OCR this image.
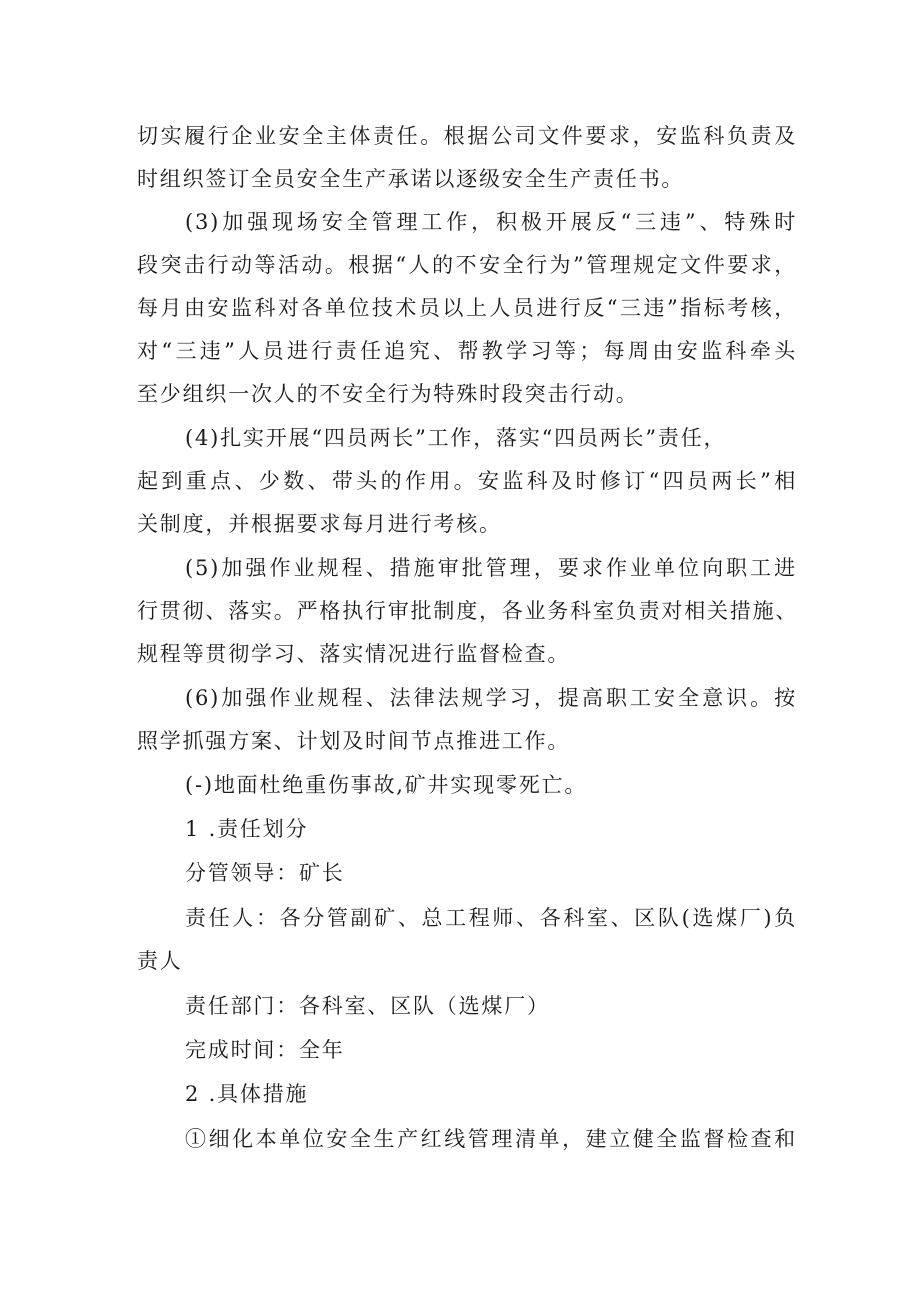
切实履行企业安全主体责任。根据公司文件要求，安监科负责及
时组织签订全员安全生产承诺以逐级安全生产责任书。
(3)加强现场安全管理工作，积极开展反“三违”、特殊时
段突击行动等活动。根据“人的不安全行为”管理规定文件要求，
每月由安监科对各单位技术员以上人员进行反“三违”指标考核，
对“三违”人员进行责任追究、帮教学习等；每周由安监科牵头
至少组织一次人的不安全行为特殊时段突击行动。
(4)扎实开展“四员两长”工作，落实“四员两长”责任，
起到重点、少数、带头的作用。安监科及时修订“四员两长”相
关制度，并根据要求每月进行考核。
(5)加强作业规程、措施审批管理，要求作业单位向职工进
行贯彻、落实。严格执行审批制度，各业务科室负责对相关措施、
规程等贯彻学习、落实情况进行监督检查。
(6)加强作业规程、法律法规学习，提高职工安全意识。按
照学抓强方案、计划及时间节点推进工作。
(-)地面杜绝重伤事故,矿井实现零死亡。
1 .责任划分
分管领导：矿长
责任人：各分管副矿、总工程师、各科室、区队(选煤厂)负
责人
责任部门：各科室、区队（选煤厂）
完成时间：全年
2 .具体措施
①细化本单位安全生产红线管理清单，建立健全监督检查和
